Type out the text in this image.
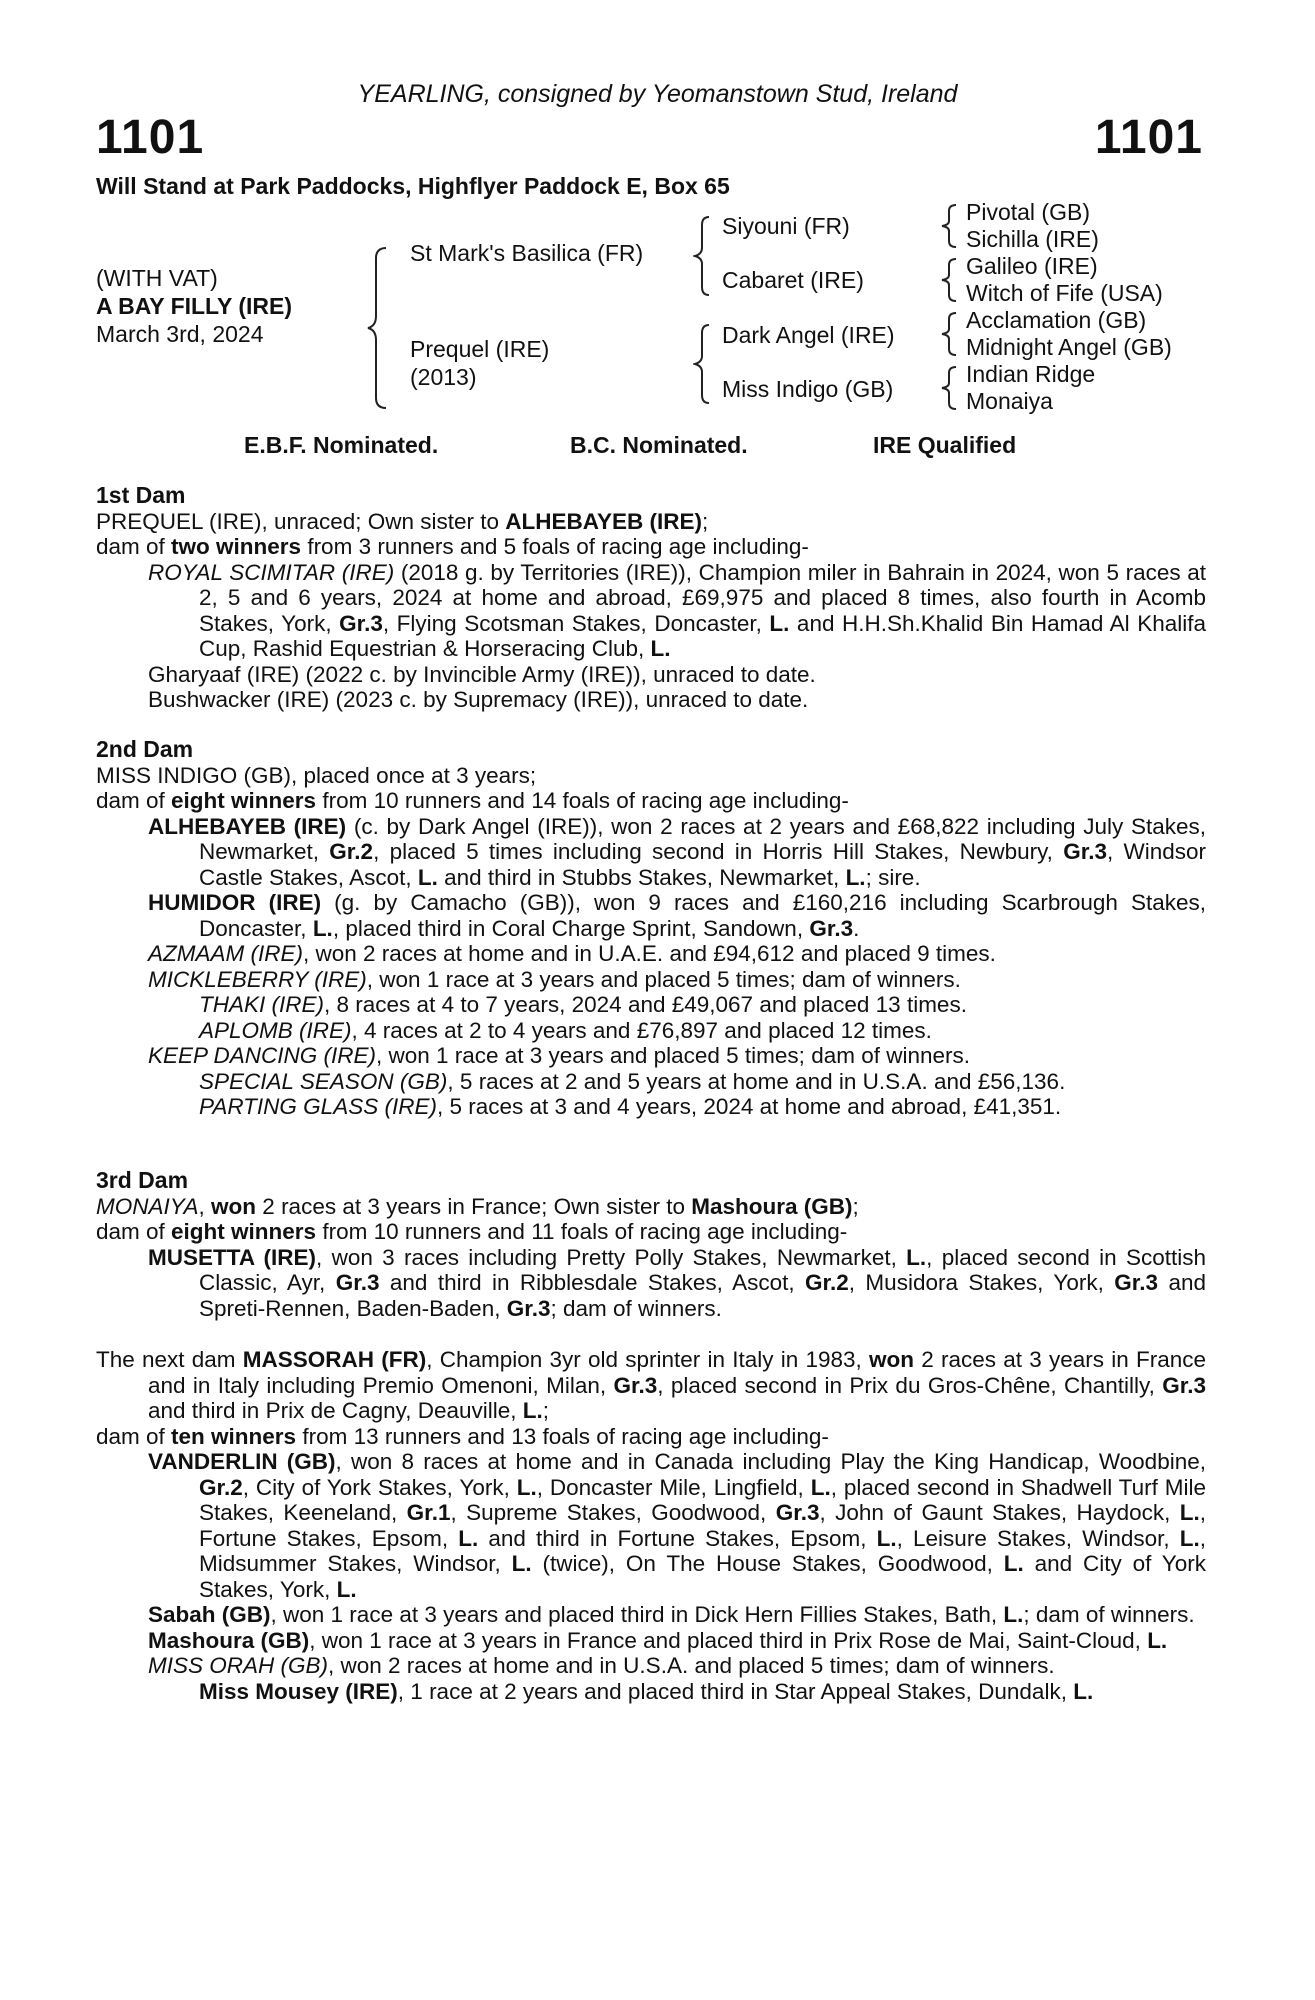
YEARLING, consigned by Yeomanstown Stud, Ireland
1101	1101
Will Stand at Park Paddocks, Highflyer Paddock E, Box 65
(WITH VAT)
A BAY FILLY (IRE)
March 3rd, 2024
St Mark's Basilica (FR)
Prequel (IRE)
(2013)
Siyouni (FR)
Cabaret (IRE)
Dark Angel (IRE)
Miss Indigo (GB)
Pivotal (GB)
Sichilla (IRE)
Galileo (IRE)
Witch of Fife (USA)
Acclamation (GB)
Midnight Angel (GB)
Indian Ridge
Monaiya
E.B.F. Nominated.	B.C. Nominated.	IRE Qualified

1st Dam

PREQUEL (IRE), unraced; Own sister to ALHEBAYEB (IRE);

dam of two winners from 3 runners and 5 foals of racing age including-

ROYAL SCIMITAR (IRE) (2018 g. by Territories (IRE)), Champion miler in Bahrain in 2024, won 5 races at 2, 5 and 6 years, 2024 at home and abroad, £69,975 and placed 8 times, also fourth in Acomb Stakes, York, Gr.3, Flying Scotsman Stakes, Doncaster, L. and H.H.Sh.Khalid Bin Hamad Al Khalifa Cup, Rashid Equestrian & Horseracing Club, L.

Gharyaaf (IRE) (2022 c. by Invincible Army (IRE)), unraced to date.

Bushwacker (IRE) (2023 c. by Supremacy (IRE)), unraced to date.

2nd Dam

MISS INDIGO (GB), placed once at 3 years;

dam of eight winners from 10 runners and 14 foals of racing age including-

ALHEBAYEB (IRE) (c. by Dark Angel (IRE)), won 2 races at 2 years and £68,822 including July Stakes, Newmarket, Gr.2, placed 5 times including second in Horris Hill Stakes, Newbury, Gr.3, Windsor Castle Stakes, Ascot, L. and third in Stubbs Stakes, Newmarket, L.; sire.

HUMIDOR (IRE) (g. by Camacho (GB)), won 9 races and £160,216 including Scarbrough Stakes, Doncaster, L., placed third in Coral Charge Sprint, Sandown, Gr.3.

AZMAAM (IRE), won 2 races at home and in U.A.E. and £94,612 and placed 9 times.

MICKLEBERRY (IRE), won 1 race at 3 years and placed 5 times; dam of winners.

THAKI (IRE), 8 races at 4 to 7 years, 2024 and £49,067 and placed 13 times.

APLOMB (IRE), 4 races at 2 to 4 years and £76,897 and placed 12 times.

KEEP DANCING (IRE), won 1 race at 3 years and placed 5 times; dam of winners.

SPECIAL SEASON (GB), 5 races at 2 and 5 years at home and in U.S.A. and £56,136.

PARTING GLASS (IRE), 5 races at 3 and 4 years, 2024 at home and abroad, £41,351.

3rd Dam

MONAIYA, won 2 races at 3 years in France; Own sister to Mashoura (GB);

dam of eight winners from 10 runners and 11 foals of racing age including-

MUSETTA (IRE), won 3 races including Pretty Polly Stakes, Newmarket, L., placed second in Scottish Classic, Ayr, Gr.3 and third in Ribblesdale Stakes, Ascot, Gr.2, Musidora Stakes, York, Gr.3 and Spreti-Rennen, Baden-Baden, Gr.3; dam of winners.

The next dam MASSORAH (FR), Champion 3yr old sprinter in Italy in 1983, won 2 races at 3 years in France and in Italy including Premio Omenoni, Milan, Gr.3, placed second in Prix du Gros-Chêne, Chantilly, Gr.3 and third in Prix de Cagny, Deauville, L.;

dam of ten winners from 13 runners and 13 foals of racing age including-

VANDERLIN (GB), won 8 races at home and in Canada including Play the King Handicap, Woodbine, Gr.2, City of York Stakes, York, L., Doncaster Mile, Lingfield, L., placed second in Shadwell Turf Mile Stakes, Keeneland, Gr.1, Supreme Stakes, Goodwood, Gr.3, John of Gaunt Stakes, Haydock, L., Fortune Stakes, Epsom, L. and third in Fortune Stakes, Epsom, L., Leisure Stakes, Windsor, L., Midsummer Stakes, Windsor, L. (twice), On The House Stakes, Goodwood, L. and City of York Stakes, York, L.

Sabah (GB), won 1 race at 3 years and placed third in Dick Hern Fillies Stakes, Bath, L.; dam of winners.

Mashoura (GB), won 1 race at 3 years in France and placed third in Prix Rose de Mai, Saint-Cloud, L.

MISS ORAH (GB), won 2 races at home and in U.S.A. and placed 5 times; dam of winners.

Miss Mousey (IRE), 1 race at 2 years and placed third in Star Appeal Stakes, Dundalk, L.
